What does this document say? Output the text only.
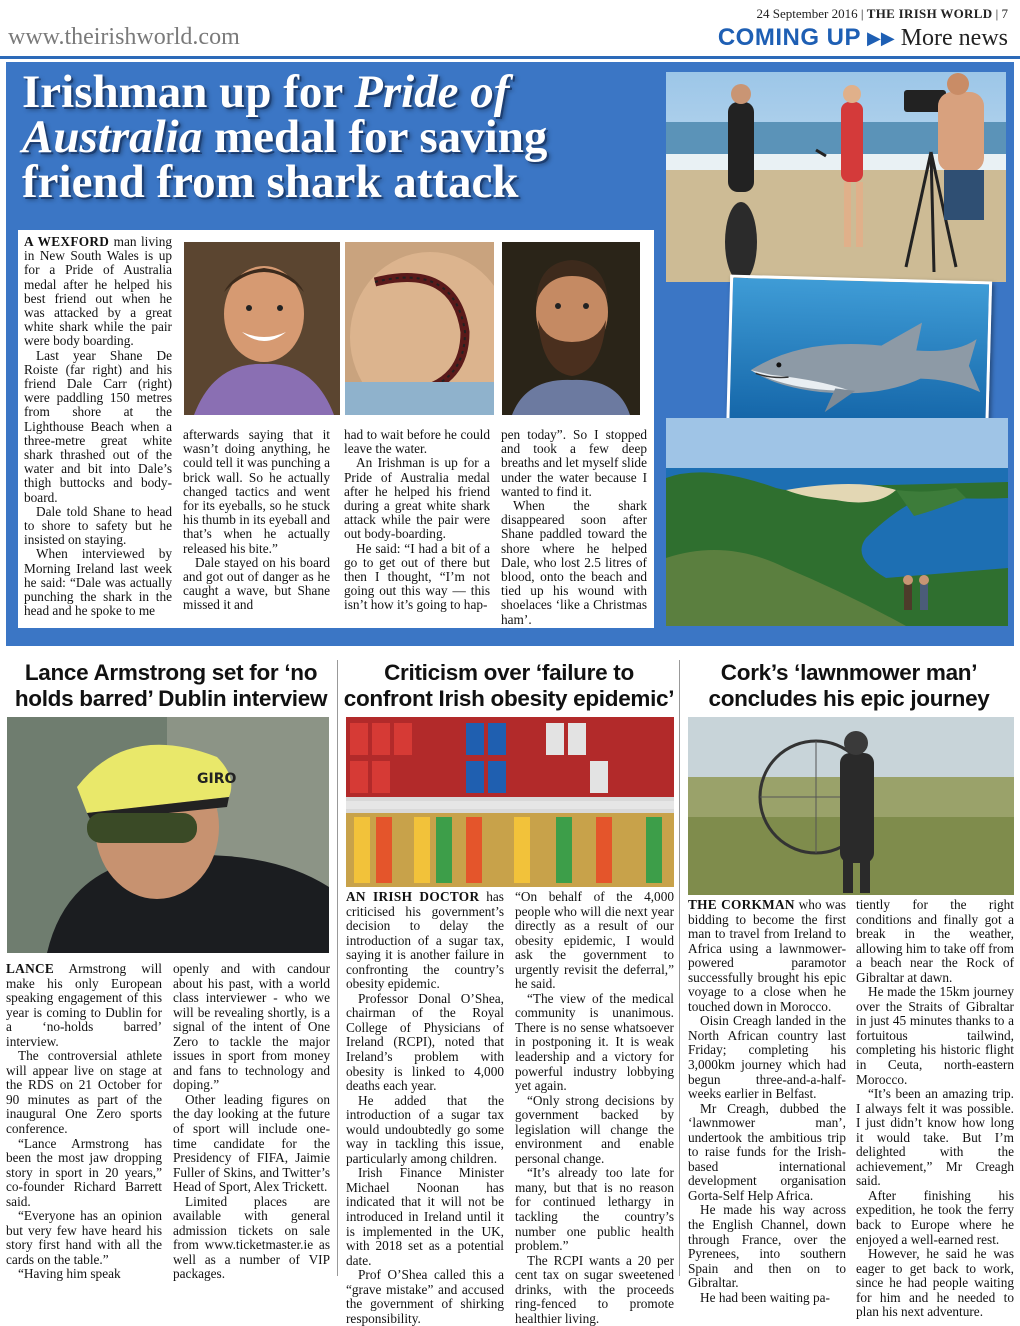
24 September 2016 | THE IRISH WORLD | 7
www.theirishworld.com	COMING UP ▶▶ More news
Irishman up for Pride of Australia medal for saving friend from shark attack

A WEXFORD man living in New South Wales is up for a Pride of Australia medal after he helped his best friend out when he was attacked by a great white shark while the pair were body boarding.

Last year Shane De Roiste (far right) and his friend Dale Carr (right) were paddling 150 metres from shore at the Lighthouse Beach when a three-metre great white shark thrashed out of the water and bit into Dale’s thigh buttocks and body-board.

Dale told Shane to head to shore to safety but he insisted on staying.

When interviewed by Morning Ireland last week he said: “Dale was actually punching the shark in the head and he spoke to me

afterwards saying that it wasn’t doing anything, he could tell it was punching a brick wall. So he actually changed tactics and went for its eyeballs, so he stuck his thumb in its eyeball and that’s when he actually released his bite.”

Dale stayed on his board and got out of danger as he caught a wave, but Shane missed it and

had to wait before he could leave the water.

An Irishman is up for a Pride of Australia medal after he helped his friend during a great white shark attack while the pair were out body-boarding.

He said: “I had a bit of a go to get out of there but then I thought, “I’m not going out this way — this isn’t how it’s going to hap-

pen today”. So I stopped and took a few deep breaths and let myself slide under the water because I wanted to find it.

When the shark disappeared soon after Shane paddled toward the shore where he helped Dale, who lost 2.5 litres of blood, onto the beach and tied up his wound with shoelaces ‘like a Christmas ham’.

Lance Armstrong set for ‘no holds barred’ Dublin interview
GIRO

LANCE Armstrong will make his only European speaking engagement of this year is coming to Dublin for a ‘no-holds barred’ interview.

The controversial athlete will appear live on stage at the RDS on 21 October for 90 minutes as part of the inaugural One Zero sports conference.

“Lance Armstrong has been the most jaw dropping story in sport in 20 years,” co-founder Richard Barrett said.

“Everyone has an opinion but very few have heard his story first hand with all the cards on the table.”

“Having him speak

openly and with candour about his past, with a world class interviewer - who we will be revealing shortly, is a signal of the intent of One Zero to tackle the major issues in sport from money and fans to technology and doping.”

Other leading figures on the day looking at the future of sport will include one-time candidate for the Presidency of FIFA, Jaimie Fuller of Skins, and Twitter’s Head of Sport, Alex Trickett.

Limited places are available with general admission tickets on sale from www.ticketmaster.ie as well as a number of VIP packages.

Criticism over ‘failure to confront Irish obesity epidemic’

AN IRISH DOCTOR has criticised his government’s decision to delay the introduction of a sugar tax, saying it is another failure in confronting the country’s obesity epidemic.

Professor Donal O’Shea, chairman of the Royal College of Physicians of Ireland (RCPI), noted that Ireland’s problem with obesity is linked to 4,000 deaths each year.

He added that the introduction of a sugar tax would undoubtedly go some way in tackling this issue, particularly among children.

Irish Finance Minister Michael Noonan has indicated that it will not be introduced in Ireland until it is implemented in the UK, with 2018 set as a potential date.

Prof O’Shea called this a “grave mistake” and accused the government of shirking responsibility.

“On behalf of the 4,000 people who will die next year directly as a result of our obesity epidemic, I would ask the government to urgently revisit the deferral,” he said.

“The view of the medical community is unanimous. There is no sense whatsoever in postponing it. It is weak leadership and a victory for powerful industry lobbying yet again.

“Only strong decisions by government backed by legislation will change the environment and enable personal change.

“It’s already too late for many, but that is no reason for continued lethargy in tackling the country’s number one public health problem.”

The RCPI wants a 20 per cent tax on sugar sweetened drinks, with the proceeds ring-fenced to promote healthier living.

Cork’s ‘lawnmower man’ concludes his epic journey

THE CORKMAN who was bidding to become the first man to travel from Ireland to Africa using a lawnmower-powered paramotor successfully brought his epic voyage to a close when he touched down in Morocco.

Oisin Creagh landed in the North African country last Friday; completing his 3,000km journey which had begun three-and-a-half-weeks earlier in Belfast.

Mr Creagh, dubbed the ‘lawnmower man’, undertook the ambitious trip to raise funds for the Irish-based international development organisation Gorta-Self Help Africa.

He made his way across the English Channel, down through France, over the Pyrenees, into southern Spain and then on to Gibraltar.

He had been waiting pa-

tiently for the right conditions and finally got a break in the weather, allowing him to take off from a beach near the Rock of Gibraltar at dawn.

He made the 15km journey over the Straits of Gibraltar in just 45 minutes thanks to a fortuitous tailwind, completing his historic flight in Ceuta, north-eastern Morocco.

“It’s been an amazing trip. I always felt it was possible. I just didn’t know how long it would take. But I’m delighted with the achievement,” Mr Creagh said.

After finishing his expedition, he took the ferry back to Europe where he enjoyed a well-earned rest.

However, he said he was eager to get back to work, since he had people waiting for him and he needed to plan his next adventure.
